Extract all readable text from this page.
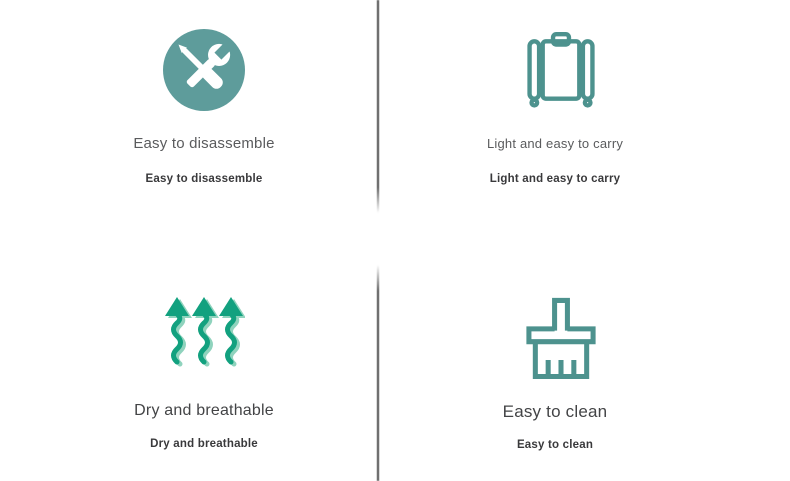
Easy to disassemble
Easy to disassemble
Light and easy to carry
Light and easy to carry
Dry and breathable
Dry and breathable
Easy to clean
Easy to clean
